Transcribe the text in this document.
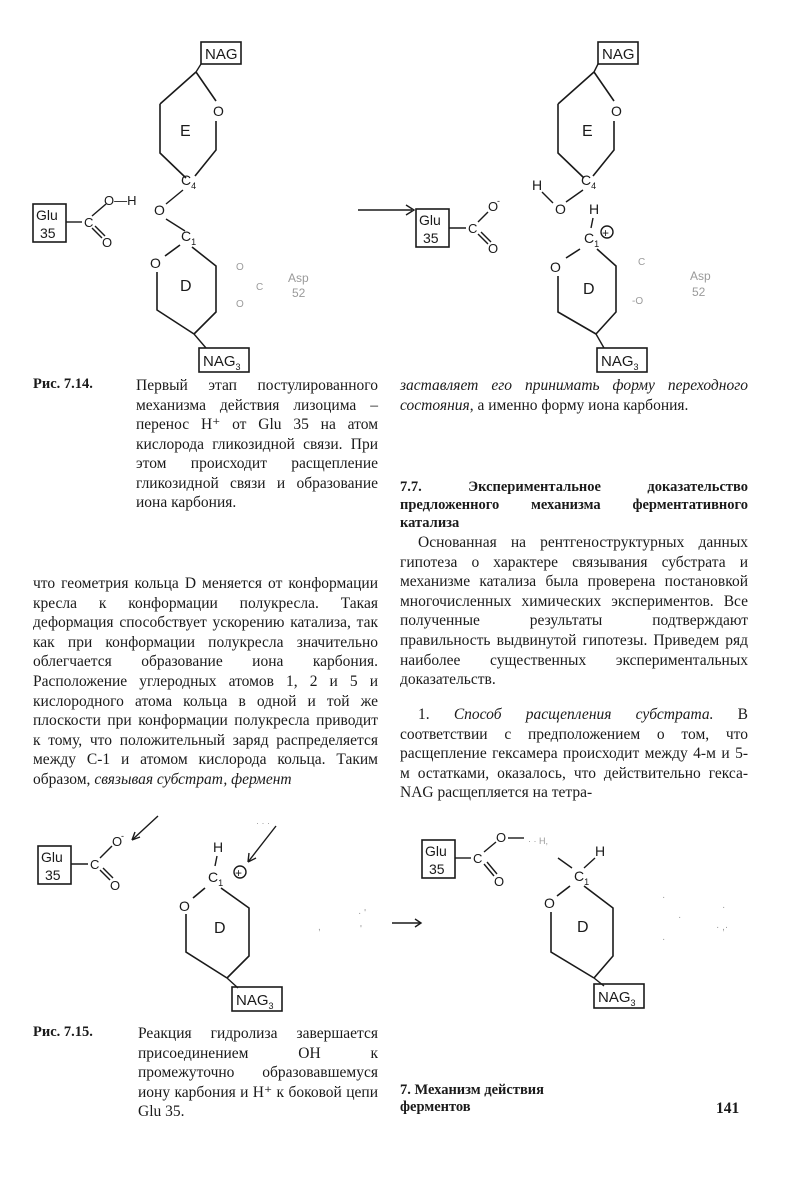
NAG
O
E
$C_4$
O
Glu
35
C
O—H
O	$C_1$
O
D
$NAG_3$
O
C
O
Asp
52
NAG
O
E
$C_4$
H
O
Glu
35
C
O
-
O
H
$C_1$
+
O
D
$NAG_3$
C
-O
Asp
52
Рис. 7.14.	Первый этап постулированного механизма действия лизоцима – перенос H⁺ от Glu 35 на атом кислорода гликозидной связи. При этом происходит расщепление гликозидной связи и образование иона карбония.

заставляет его принимать форму переходного состояния, а именно форму иона карбония.

7.7. Экспериментальное доказательство предложенного механизма ферментативного катализа

Основанная на рентгеноструктурных данных гипотеза о характере связывания субстрата и механизме катализа была проверена постановкой многочисленных химических экспериментов. Все полученные результаты подтверждают правильность выдвинутой гипотезы. Приведем ряд наиболее существенных экспериментальных доказательств.

1. Способ расщепления субстрата. В соответствии с предположением о том, что расщепление гексамера происходит между 4-м и 5-м остатками, оказалось, что действительно гекса-NAG расщепляется на тетра-

что геометрия кольца D меняется от конформации кресла к конформации полукресла. Такая деформация способствует ускорению катализа, так как при конформации полукресла значительно облегчается образование иона карбония. Расположение углеродных атомов 1, 2 и 5 и кислородного атома кольца в одной и той же плоскости при конформации полукресла приводит к тому, что положительный заряд распределяется между C-1 и атомом кислорода кольца. Таким образом, связывая субстрат, фермент

· · ·
Glu
35
C
O
-
O
H
$C_1$
+
O
D
$NAG_3$
· '
,	'
Glu
35
C
O · · H,
O
H
$C_1$
O
D
$NAG_3$
·
·
·
·
· ,·
Рис. 7.15.	Реакция гидролиза завершается присоединением OH к промежуточно образовавшемуся иону карбония и H⁺ к боковой цепи Glu 35.

7. Механизм действия ферментов	141
